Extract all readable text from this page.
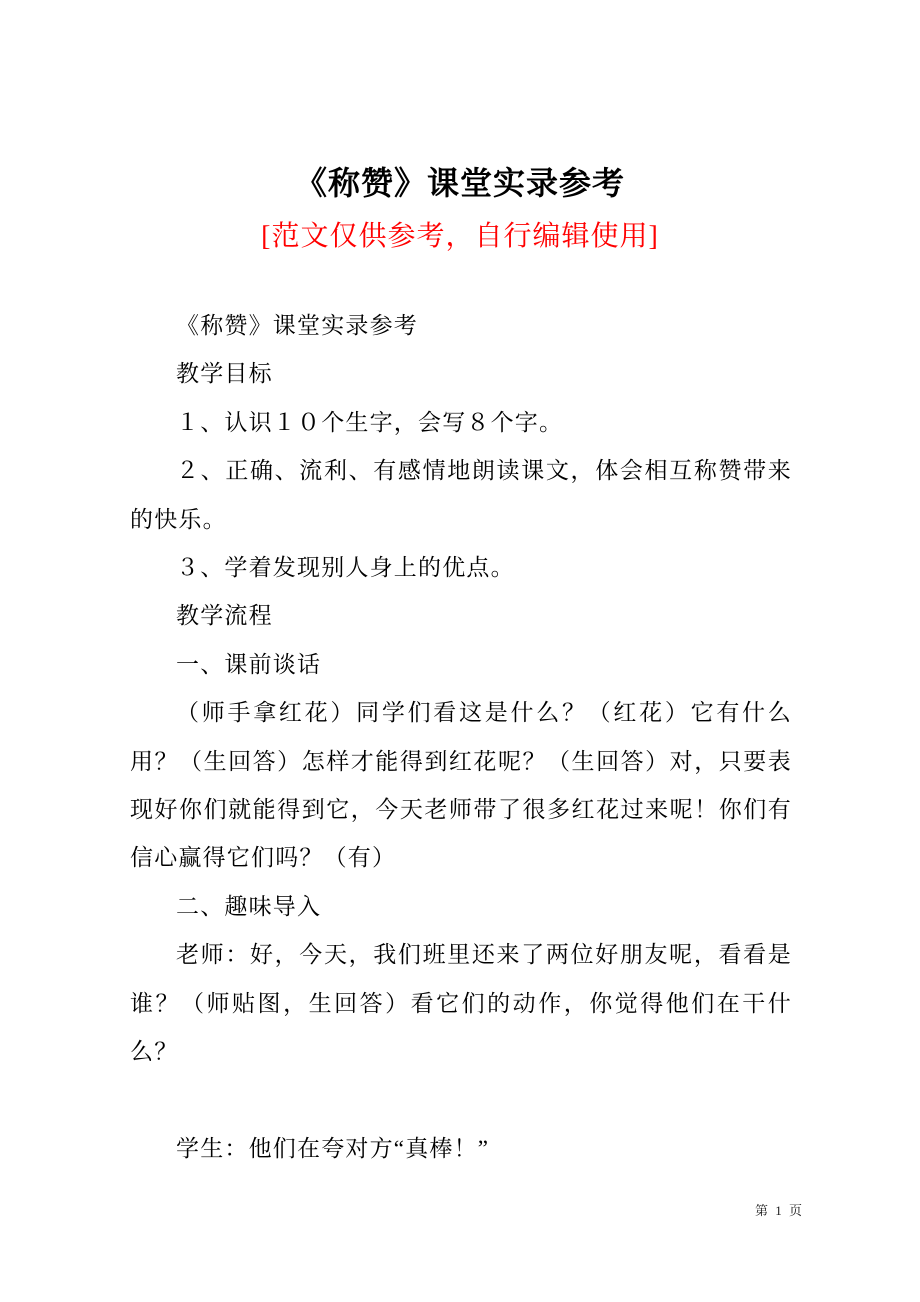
《称赞》课堂实录参考
[范文仅供参考，自行编辑使用]

《称赞》课堂实录参考

教学目标

１、认识１０个生字，会写８个字。

２、正确、流利、有感情地朗读课文，体会相互称赞带来的快乐。

３、学着发现别人身上的优点。

教学流程

一、课前谈话

（师手拿红花）同学们看这是什么？（红花）它有什么用？（生回答）怎样才能得到红花呢？（生回答）对，只要表现好你们就能得到它，今天老师带了很多红花过来呢！你们有信心赢得它们吗？（有）

二、趣味导入

老师：好，今天，我们班里还来了两位好朋友呢，看看是谁？（师贴图，生回答）看它们的动作，你觉得他们在干什么？

学生：他们在夸对方“真棒！”

第 1 页
